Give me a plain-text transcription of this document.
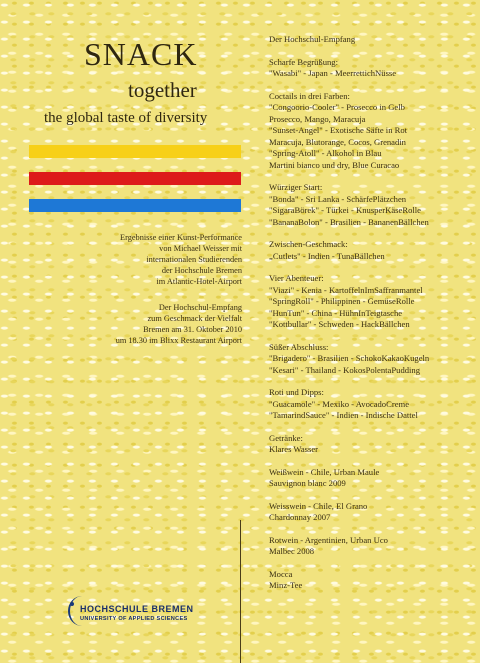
SNACK
together
the global taste of diversity
Ergebnisse einer Kunst-Performance
von Michael Weisser mit
internationalen Studierenden
der Hochschule Bremen
im Atlantic-Hotel-Airport
Der Hochschul-Empfang
zum Geschmack der Vielfalt
Bremen am 31. Oktober 2010
um 18.30 im Blixx Restaurant Airport
HOCHSCHULE BREMEN
UNIVERSITY OF APPLIED SCIENCES
Der Hochschul-Empfang
Scharfe Begrüßung:
"Wasabi" - Japan - MeerrettichNüsse
Coctails in drei Farben:
"Congoorio-Cooler" - Prosecco in Gelb
Prosecco, Mango, Maracuja
"Sunset-Angel" - Exotische Säfte in Rot
Maracuja, Blutorange, Cocos, Grenadin
"Spring-Atoll" - Alkohol in Blau
Martini bianco und dry, Blue Curacao
Würziger Start:
"Bonda" - Sri Lanka - SchärfePlätzchen
"SigaraBörek" - Türkei - KnusperKäseRolle
"BananaBolon" - Brasilien - BananenBällchen
Zwischen-Geschmack:
„Cutlets" - Indien - TunaBällchen
Vier Abenteuer:
"Viazi" - Kenia - KartoffelnImSaffranmantel
"SpringRoll" - Philippinen - GemüseRolle
"HunTun" - China - HühnInTeigtasche
"Kottbullar" - Schweden - HackBällchen
Süßer Abschluss:
"Brigadero" - Brasilien - SchokoKakaoKugeln
"Kesari" - Thailand - KokosPolentaPudding
Roti und Dipps:
"Guacamole" - Mexiko - AvocadoCreme
"TamarindSauce" - Indien - Indische Dattel
Getränke:
Klares Wasser
Weißwein - Chile, Urban Maule
Sauvignon blanc 2009
Weisswein - Chile, El Grano
Chardonnay 2007
Rotwein - Argentinien, Urban Uco
Malbec 2008
Mocca
Minz-Tee
